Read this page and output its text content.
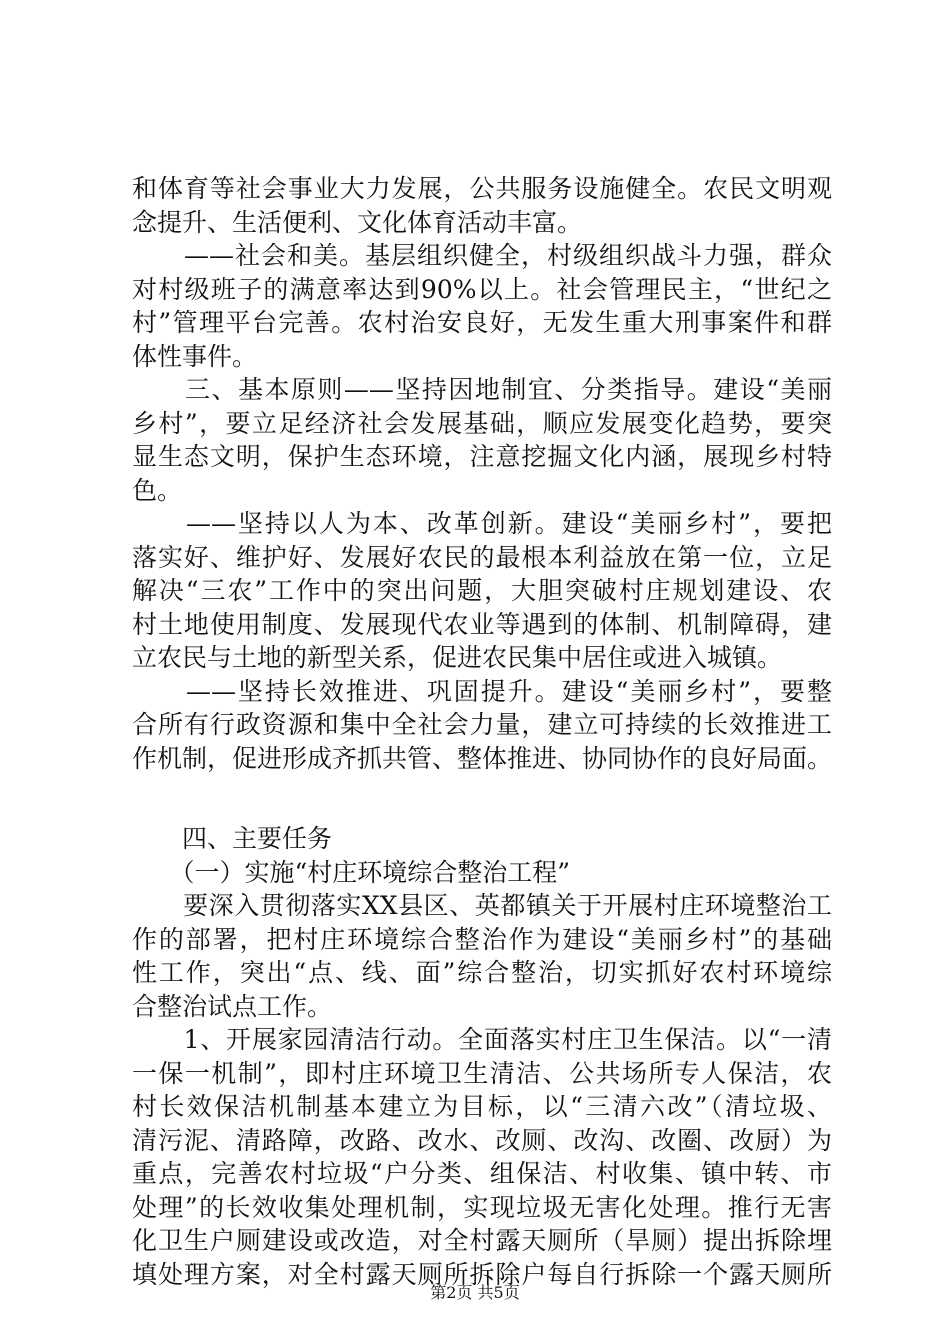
和体育等社会事业大力发展，公共服务设施健全。农民文明观
念提升、生活便利、文化体育活动丰富。
　　——社会和美。基层组织健全，村级组织战斗力强，群众
对村级班子的满意率达到90%以上。社会管理民主，“世纪之
村”管理平台完善。农村治安良好，无发生重大刑事案件和群
体性事件。
　　三、基本原则——坚持因地制宜、分类指导。建设“美丽
乡村”，要立足经济社会发展基础，顺应发展变化趋势，要突
显生态文明，保护生态环境，注意挖掘文化内涵，展现乡村特
色。
　　——坚持以人为本、改革创新。建设“美丽乡村”，要把
落实好、维护好、发展好农民的最根本利益放在第一位，立足
解决“三农”工作中的突出问题，大胆突破村庄规划建设、农
村土地使用制度、发展现代农业等遇到的体制、机制障碍，建
立农民与土地的新型关系，促进农民集中居住或进入城镇。
　　——坚持长效推进、巩固提升。建设“美丽乡村”，要整
合所有行政资源和集中全社会力量，建立可持续的长效推进工
作机制，促进形成齐抓共管、整体推进、协同协作的良好局面。
　　四、主要任务
　　（一）实施“村庄环境综合整治工程”
　　要深入贯彻落实XX县区、英都镇关于开展村庄环境整治工
作的部署，把村庄环境综合整治作为建设“美丽乡村”的基础
性工作，突出“点、线、面”综合整治，切实抓好农村环境综
合整治试点工作。
　　1、开展家园清洁行动。全面落实村庄卫生保洁。以“一清
一保一机制”，即村庄环境卫生清洁、公共场所专人保洁，农
村长效保洁机制基本建立为目标，以“三清六改”（清垃圾、
清污泥、清路障，改路、改水、改厕、改沟、改圈、改厨）为
重点，完善农村垃圾“户分类、组保洁、村收集、镇中转、市
处理”的长效收集处理机制，实现垃圾无害化处理。推行无害
化卫生户厕建设或改造，对全村露天厕所（旱厕）提出拆除埋
填处理方案，对全村露天厕所拆除户每自行拆除一个露天厕所
第2页 共5页
